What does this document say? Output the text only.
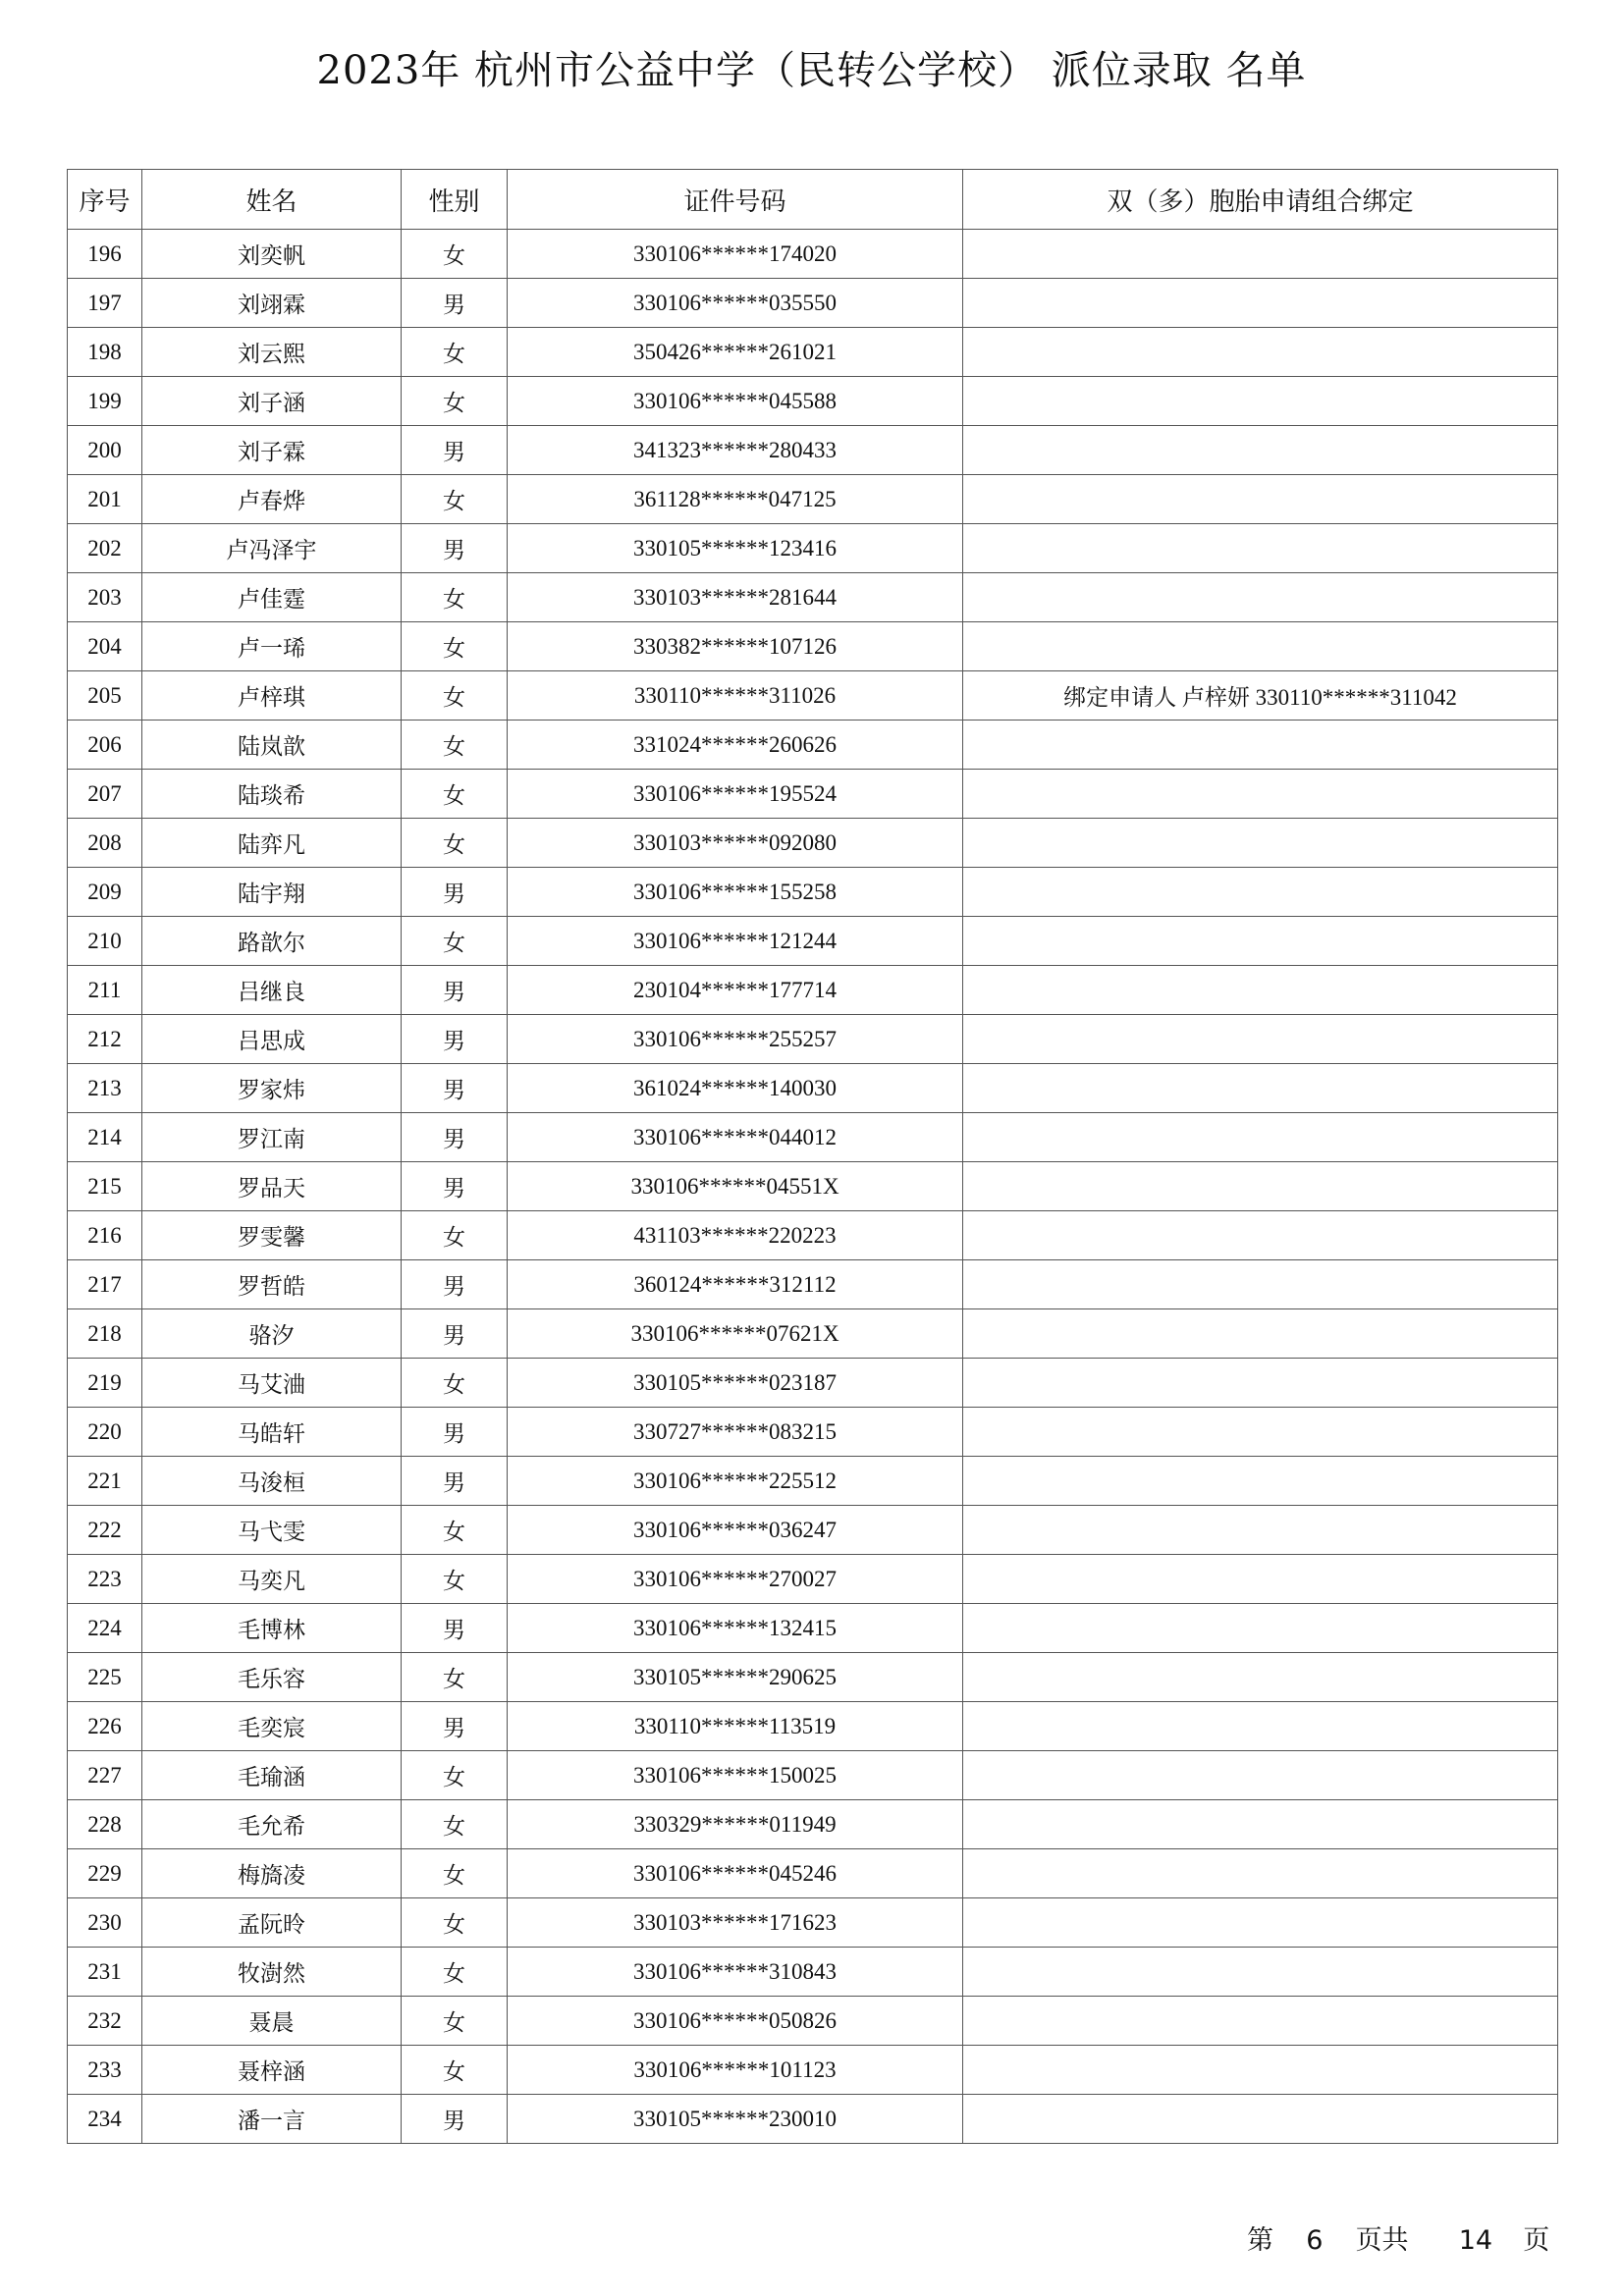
2023年 杭州市公益中学（民转公学校） 派位录取 名单
序号	姓名	性别	证件号码	双（多）胞胎申请组合绑定
196	刘奕帆	女	330106******174020	
197	刘翊霖	男	330106******035550	
198	刘云熙	女	350426******261021	
199	刘子涵	女	330106******045588	
200	刘子霖	男	341323******280433	
201	卢春烨	女	361128******047125	
202	卢冯泽宇	男	330105******123416	
203	卢佳霆	女	330103******281644	
204	卢一琋	女	330382******107126	
205	卢梓琪	女	330110******311026	绑定申请人 卢梓妍 330110******311042
206	陆岚歆	女	331024******260626	
207	陆琰希	女	330106******195524	
208	陆弈凡	女	330103******092080	
209	陆宇翔	男	330106******155258	
210	路歆尔	女	330106******121244	
211	吕继良	男	230104******177714	
212	吕思成	男	330106******255257	
213	罗家炜	男	361024******140030	
214	罗江南	男	330106******044012	
215	罗品天	男	330106******04551X	
216	罗雯馨	女	431103******220223	
217	罗哲皓	男	360124******312112	
218	骆汐	男	330106******07621X	
219	马艾浀	女	330105******023187	
220	马皓轩	男	330727******083215	
221	马浚桓	男	330106******225512	
222	马弋雯	女	330106******036247	
223	马奕凡	女	330106******270027	
224	毛博林	男	330106******132415	
225	毛乐容	女	330105******290625	
226	毛奕宸	男	330110******113519	
227	毛瑜涵	女	330106******150025	
228	毛允希	女	330329******011949	
229	梅旖凌	女	330106******045246	
230	孟阮昤	女	330103******171623	
231	牧澍然	女	330106******310843	
232	聂晨	女	330106******050826	
233	聂梓涵	女	330106******101123	
234	潘一言	男	330105******230010	
第 6 页共 14 页
